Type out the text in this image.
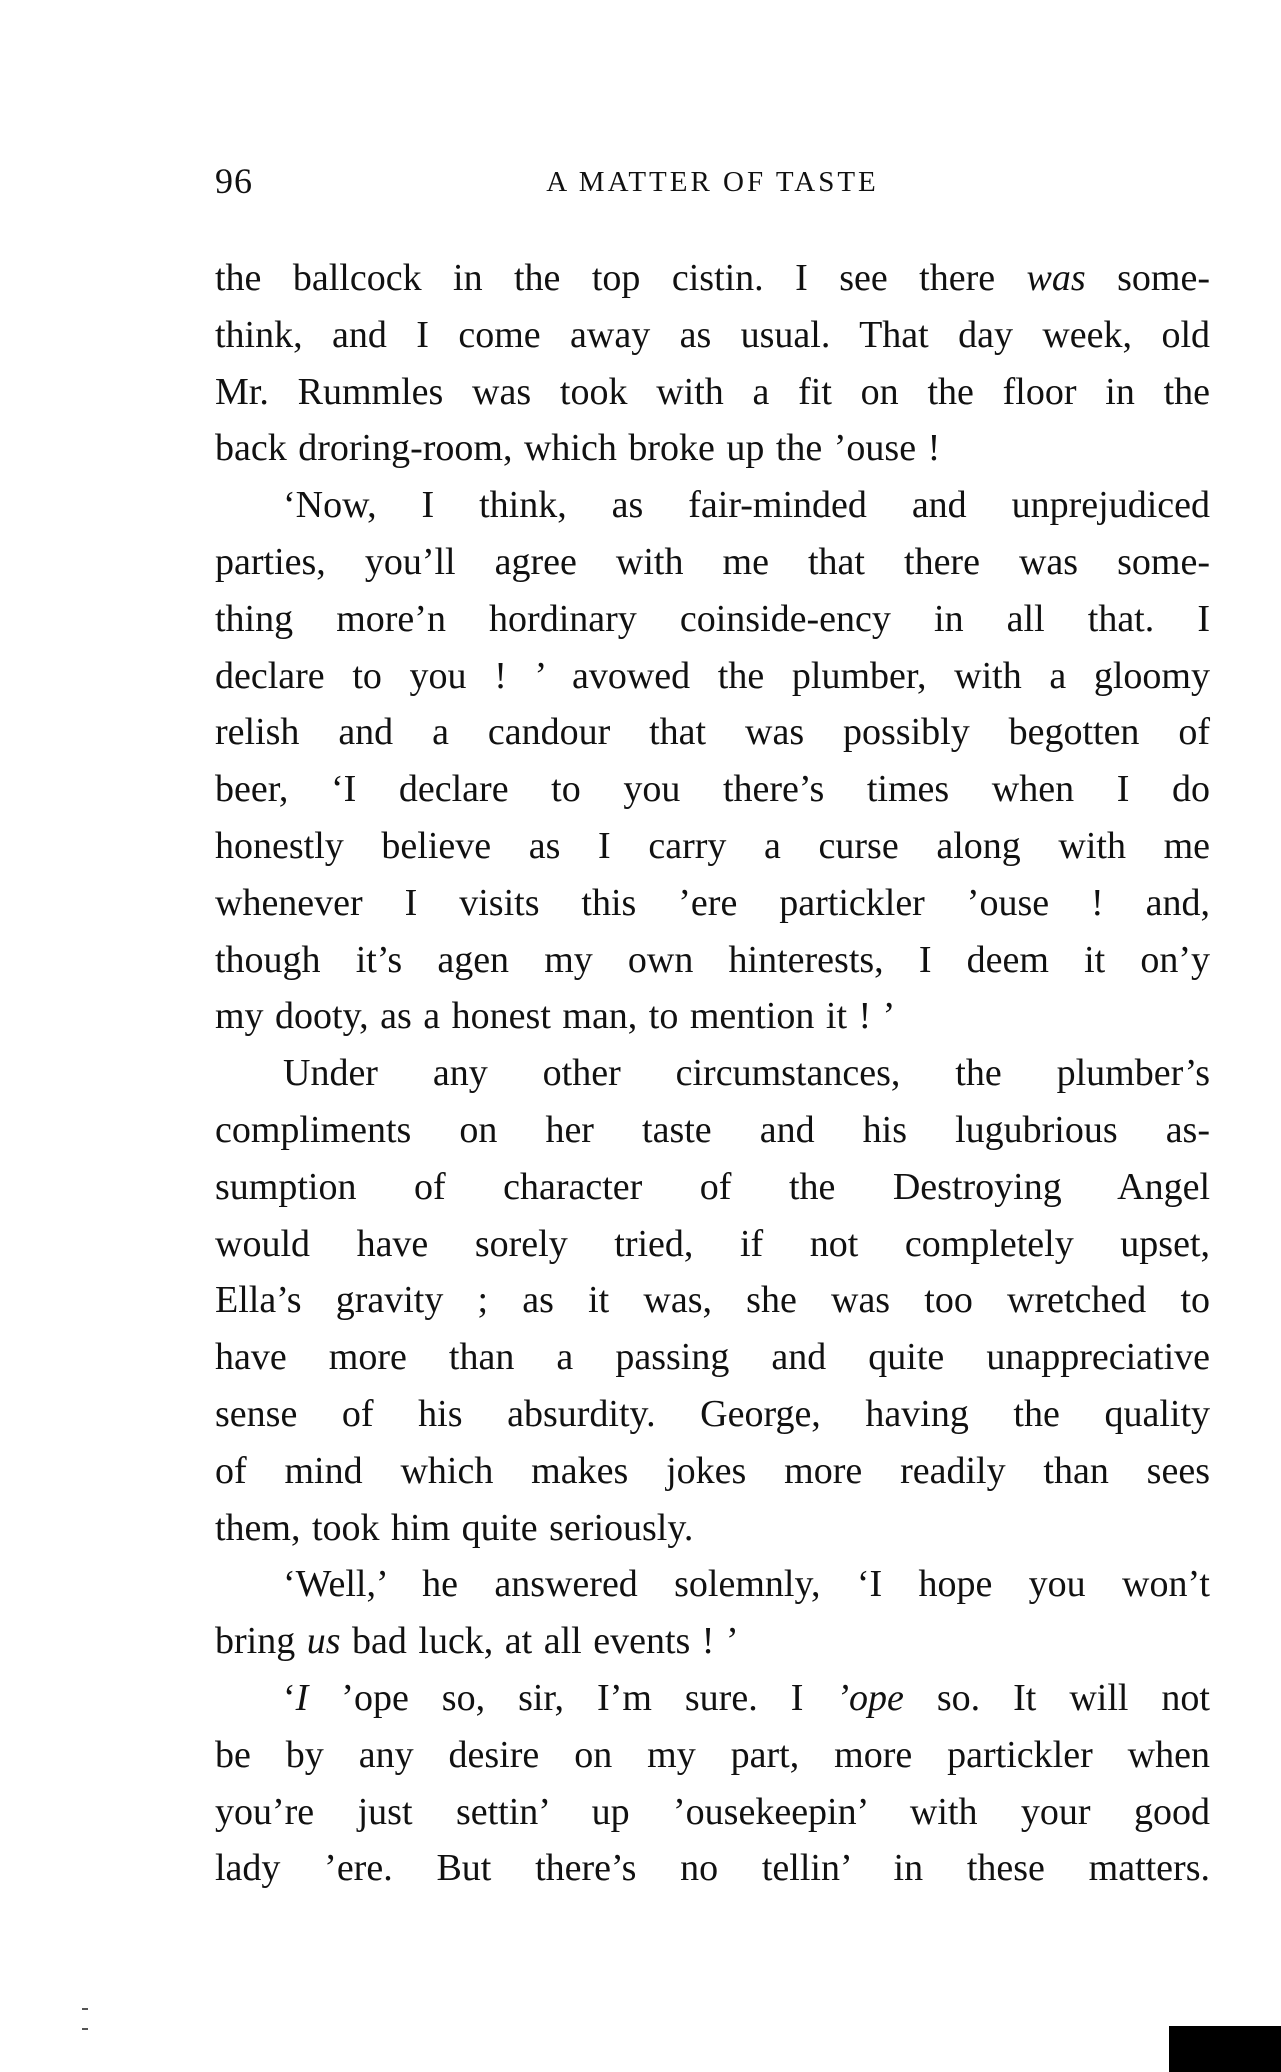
96	A MATTER OF TASTE
the ballcock in the top cistin. I see there was some-
think, and I come away as usual. That day week, old
Mr. Rummles was took with a fit on the floor in the
back droring-room, which broke up the ’ouse !
‘Now, I think, as fair-minded and unprejudiced
parties, you’ll agree with me that there was some-
thing more’n hordinary coinside-ency in all that. I
declare to you ! ’ avowed the plumber, with a gloomy
relish and a candour that was possibly begotten of
beer, ‘I declare to you there’s times when I do
honestly believe as I carry a curse along with me
whenever I visits this ’ere partickler ’ouse ! and,
though it’s agen my own hinterests, I deem it on’y
my dooty, as a honest man, to mention it ! ’
Under any other circumstances, the plumber’s
compliments on her taste and his lugubrious as-
sumption of character of the Destroying Angel
would have sorely tried, if not completely upset,
Ella’s gravity ; as it was, she was too wretched to
have more than a passing and quite unappreciative
sense of his absurdity. George, having the quality
of mind which makes jokes more readily than sees
them, took him quite seriously.
‘Well,’ he answered solemnly, ‘I hope you won’t
bring us bad luck, at all events ! ’
‘I ’ope so, sir, I’m sure. I ’ope so. It will not
be by any desire on my part, more partickler when
you’re just settin’ up ’ousekeepin’ with your good
lady ’ere. But there’s no tellin’ in these matters.
